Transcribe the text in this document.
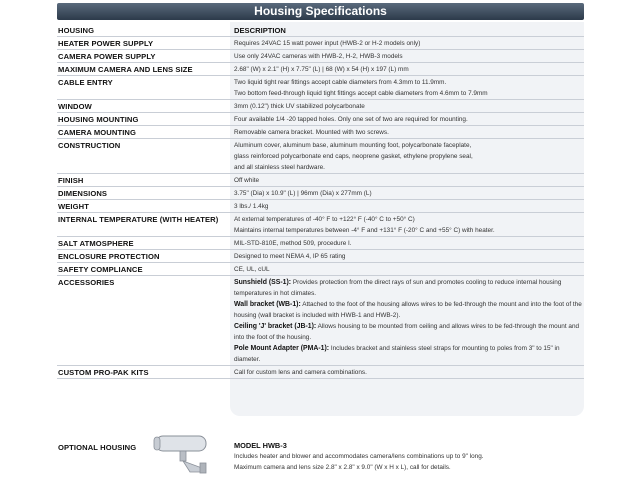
Housing Specifications
HOUSING	DESCRIPTION
HEATER POWER SUPPLY	Requires 24VAC 15 watt power input (HWB-2 or H-2 models only)
CAMERA POWER SUPPLY	Use only 24VAC cameras with HWB-2, H-2, HWB-3 models
MAXIMUM CAMERA AND LENS SIZE	2.68" (W) x 2.1" (H) x 7.75" (L) | 68 (W) x 54 (H) x 197 (L) mm
CABLE ENTRY	Two liquid tight rear fittings accept cable diameters from 4.3mm to 11.9mm.
Two bottom feed-through liquid tight fittings accept cable diameters from 4.6mm to 7.9mm
WINDOW	3mm (0.12") thick UV stabilized polycarbonate
HOUSING MOUNTING	Four available 1/4 -20 tapped holes. Only one set of two are required for mounting.
CAMERA MOUNTING	Removable camera bracket. Mounted with two screws.
CONSTRUCTION	Aluminum cover, aluminum base, aluminum mounting foot, polycarbonate faceplate,
glass reinforced polycarbonate end caps, neoprene gasket, ethylene propylene seal,
and all stainless steel hardware.
FINISH	Off white
DIMENSIONS	3.75" (Dia) x 10.9" (L) | 96mm (Dia) x 277mm (L)
WEIGHT	3 lbs./ 1.4kg
INTERNAL TEMPERATURE (WITH HEATER)	At external temperatures of -40° F to +122° F (-40° C to +50° C)
Maintains internal temperatures between -4° F and +131° F (-20° C and +55° C) with heater.
SALT ATMOSPHERE	MIL-STD-810E, method 509, procedure I.
ENCLOSURE PROTECTION	Designed to meet NEMA 4, IP 65 rating
SAFETY COMPLIANCE	CE, UL, cUL
ACCESSORIES	Sunshield (SS-1): Provides protection from the direct rays of sun and promotes cooling to reduce internal housing temperatures in hot climates.
Wall bracket (WB-1): Attached to the foot of the housing allows wires to be fed-through the mount and into the foot of the housing (wall bracket is included with HWB-1 and HWB-2).
Ceiling 'J' bracket (JB-1): Allows housing to be mounted from ceiling and allows wires to be fed-through the mount and into the foot of the housing.
Pole Mount Adapter (PMA-1): Includes bracket and stainless steel straps for mounting to poles from 3" to 15" in diameter.
CUSTOM PRO-PAK KITS	Call for custom lens and camera combinations.
OPTIONAL HOUSING	MODEL HWB-3
Includes heater and blower and accommodates camera/lens combinations up to 9" long.
Maximum camera and lens size 2.8" x 2.8" x 9.0" (W x H x L), call for details.
